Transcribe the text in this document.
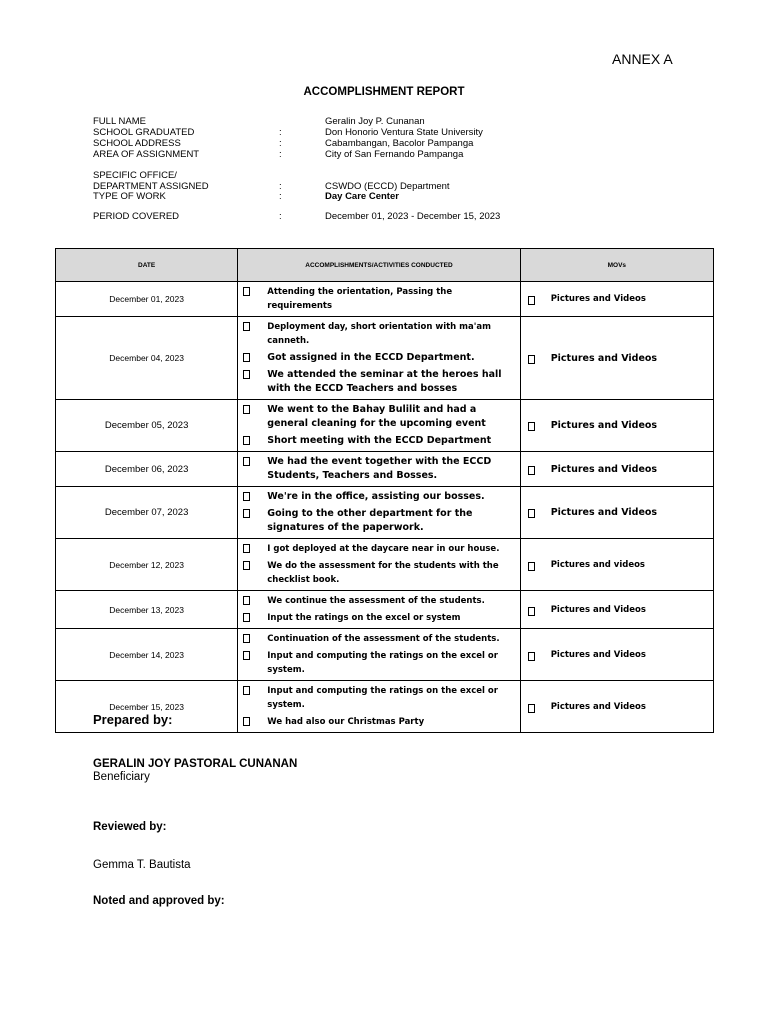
ANNEX A
ACCOMPLISHMENT REPORT
FULL NAME	Geralin Joy P. Cunanan
SCHOOL GRADUATED	:	Don Honorio Ventura State University
SCHOOL ADDRESS	:	Cabambangan, Bacolor Pampanga
AREA OF ASSIGNMENT	:	City of San Fernando Pampanga
SPECIFIC OFFICE/
DEPARTMENT ASSIGNED	:	CSWDO (ECCD) Department
TYPE OF WORK	:	Day Care Center
PERIOD COVERED	:	December 01, 2023 - December 15, 2023
DATE	ACCOMPLISHMENTS/ACTIVITIES CONDUCTED	MOVs
December 01, 2023	Attending the orientation, Passing the requirements	Pictures and Videos

December 04, 2023	Deployment day, short orientation with ma'am canneth.
Got assigned in the ECCD Department.
We attended the seminar at the heroes hall with the ECCD Teachers and bosses	Pictures and Videos

December 05, 2023	We went to the Bahay Bulilit and had a general cleaning for the upcoming event
Short meeting with the ECCD Department	Pictures and Videos

December 06, 2023	We had the event together with the ECCD Students, Teachers and Bosses.	Pictures and Videos

December 07, 2023	We're in the office, assisting our bosses.
Going to the other department for the signatures of the paperwork.	Pictures and Videos

December 12, 2023	I got deployed at the daycare near in our house.
We do the assessment for the students with the checklist book.	Pictures and videos

December 13, 2023	We continue the assessment of the students.
Input the ratings on the excel or system	Pictures and Videos

December 14, 2023	Continuation of the assessment of the students.
Input and computing the ratings on the excel or system.	Pictures and Videos

December 15, 2023	Input and computing the ratings on the excel or system.
We had also our Christmas Party	Pictures and Videos
Prepared by:
GERALIN JOY PASTORAL CUNANAN
Beneficiary
Reviewed by:
Gemma T. Bautista
Noted and approved by:
